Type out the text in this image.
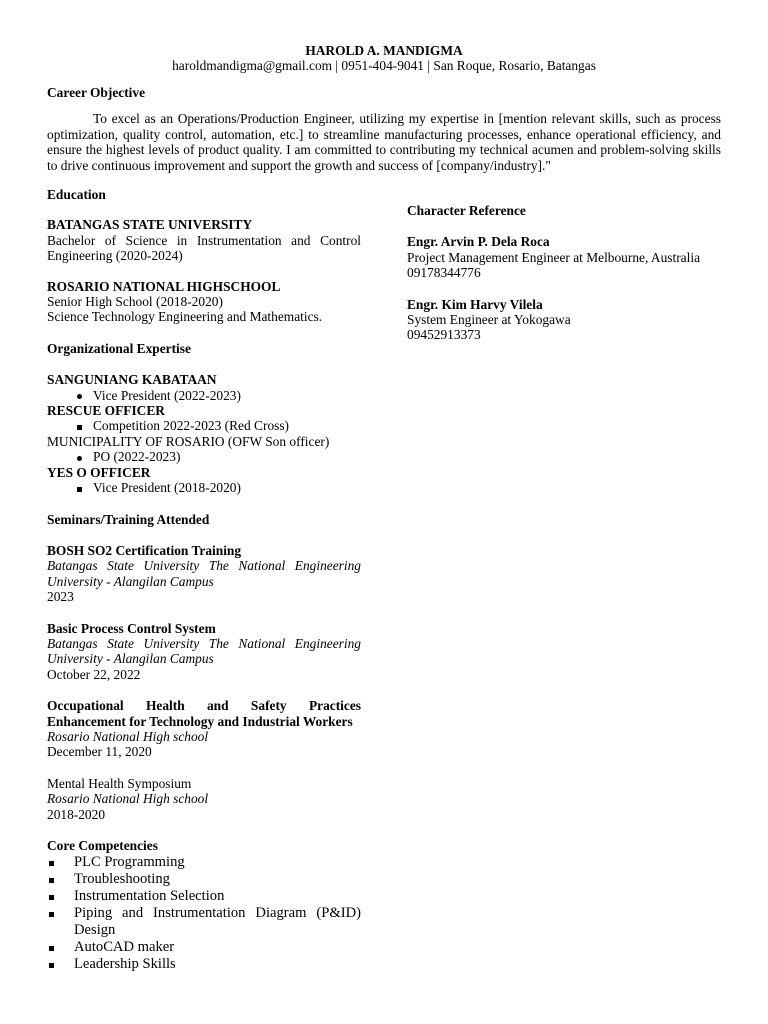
HAROLD A. MANDIGMA
haroldmandigma@gmail.com | 0951-404-9041 | San Roque, Rosario, Batangas
Career Objective
To excel as an Operations/Production Engineer, utilizing my expertise in [mention relevant skills, such as process optimization, quality control, automation, etc.] to streamline manufacturing processes, enhance operational efficiency, and ensure the highest levels of product quality. I am committed to contributing my technical acumen and problem-solving skills to drive continuous improvement and support the growth and success of [company/industry]."
Education
BATANGAS STATE UNIVERSITY
Bachelor of Science in Instrumentation and Control Engineering (2020-2024)
ROSARIO NATIONAL HIGHSCHOOL
Senior High School (2018-2020)
Science Technology Engineering and Mathematics.
Organizational Expertise
SANGUNIANG KABATAAN
Vice President (2022-2023)
RESCUE OFFICER
Competition 2022-2023 (Red Cross)
MUNICIPALITY OF ROSARIO (OFW Son officer)
PO (2022-2023)
YES O OFFICER
Vice President (2018-2020)
Seminars/Training Attended
BOSH SO2 Certification Training
Batangas State University The National Engineering University - Alangilan Campus
2023
Basic Process Control System
Batangas State University The National Engineering University - Alangilan Campus
October 22, 2022
Occupational Health and Safety Practices Enhancement for Technology and Industrial Workers
Rosario National High school
December 11, 2020
Mental Health Symposium
Rosario National High school
2018-2020
Core Competencies
PLC Programming
Troubleshooting
Instrumentation Selection
Piping and Instrumentation Diagram (P&ID) Design
AutoCAD maker
Leadership Skills
Character Reference
Engr. Arvin P. Dela Roca
Project Management Engineer at Melbourne, Australia
09178344776
Engr. Kim Harvy Vilela
System Engineer at Yokogawa
09452913373
